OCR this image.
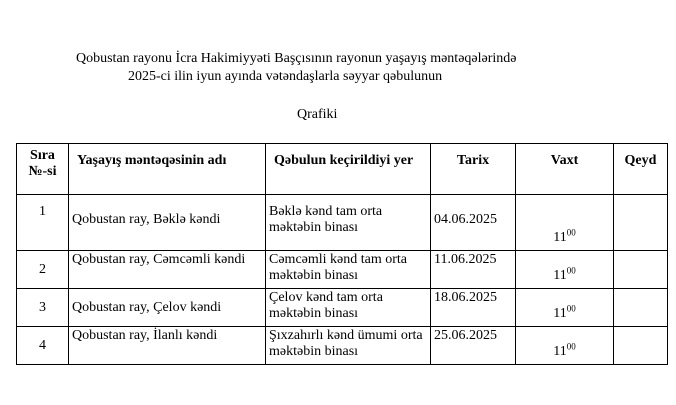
Qobustan rayonu İcra Hakimiyyəti Başçısının rayonun yaşayış məntəqələrində
2025-ci ilin iyun ayında vətəndaşlarla səyyar qəbulunun
Qrafiki
Sıra №-si	Yaşayış məntəqəsinin adı	Qəbulun keçirildiyi yer	Tarix	Vaxt	Qeyd
1	Qobustan ray, Bəklə kəndi	Bəklə kənd tam orta məktəbin binası	04.06.2025	$11^{00}$	
2	Qobustan ray, Cəmcəmli kəndi	Cəmcəmli kənd tam orta məktəbin binası	11.06.2025	$11^{00}$	
3	Qobustan ray, Çelov kəndi	Çelov kənd tam orta məktəbin binası	18.06.2025	$11^{00}$	
4	Qobustan ray, İlanlı kəndi	Şıxzahırlı kənd ümumi orta məktəbin binası	25.06.2025	$11^{00}$	
